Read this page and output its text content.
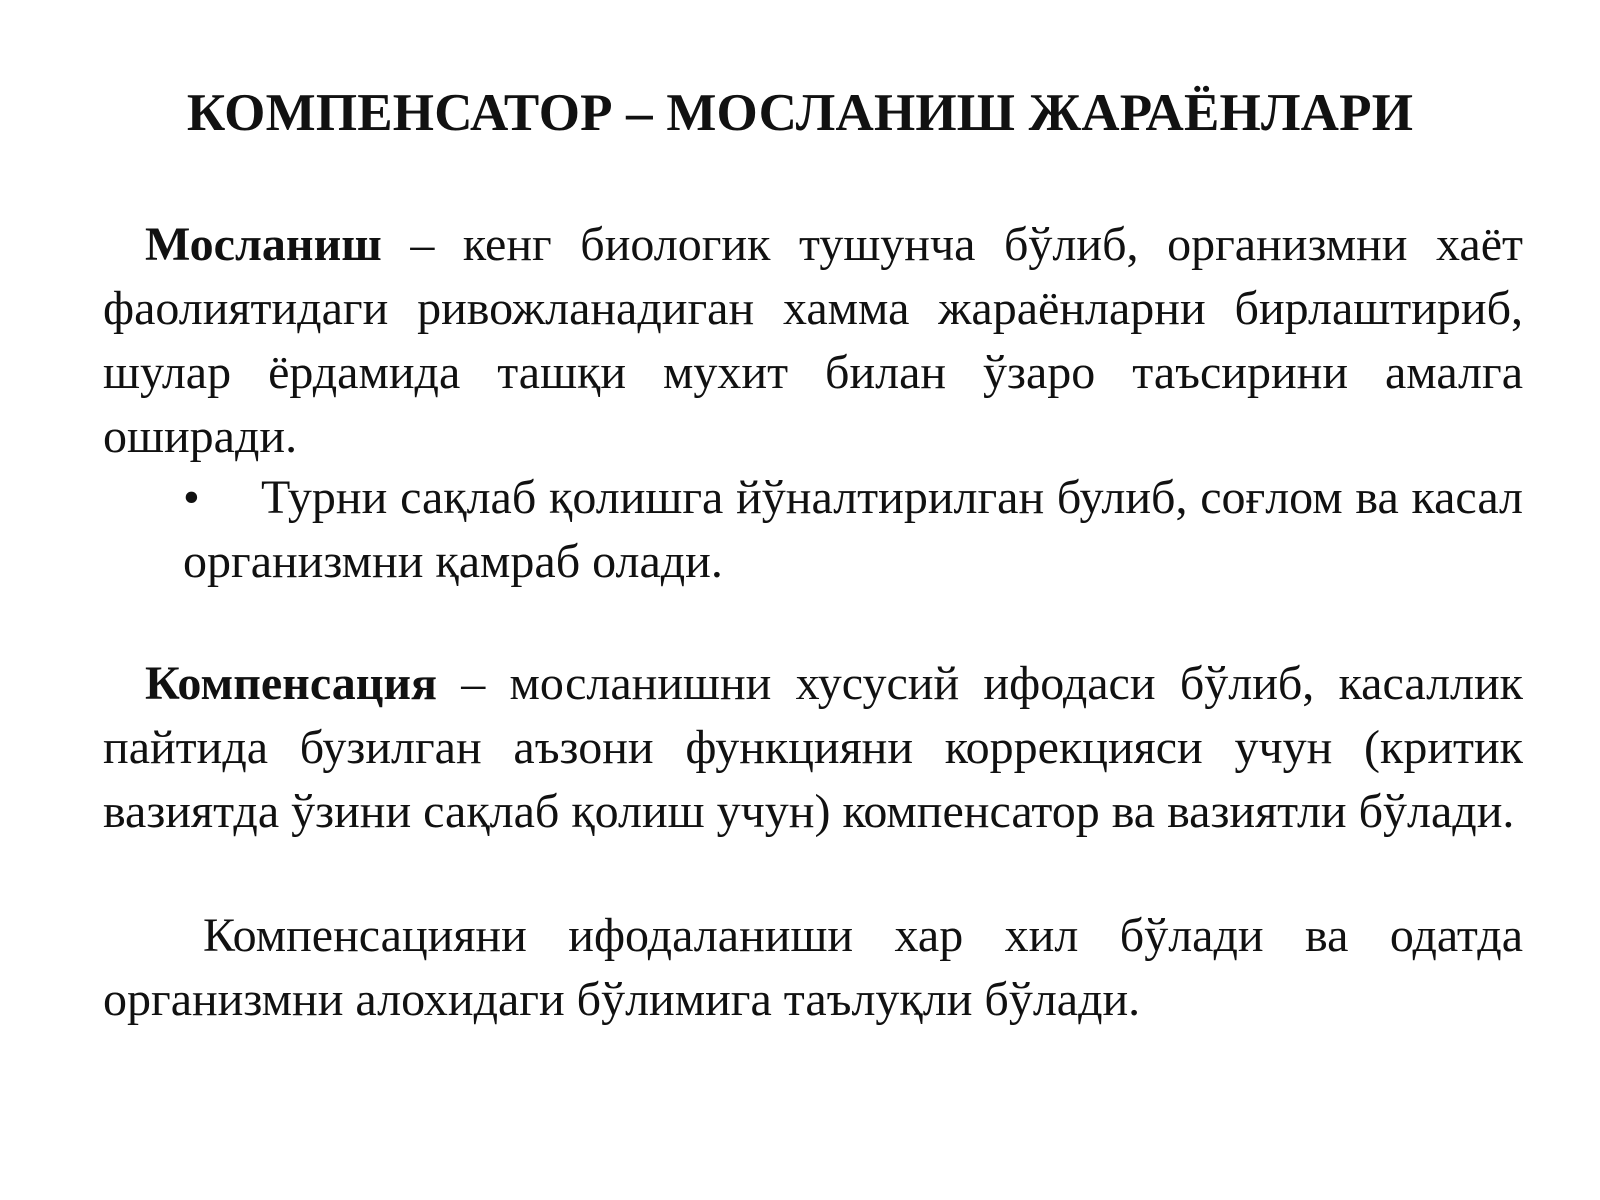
КОМПЕНСАТОР – МОСЛАНИШ ЖАРАЁНЛАРИ

Мосланиш – кенг биологик тушунча бўлиб, организмни хаёт фаолиятидаги ривожланадиган хамма жараёнларни бирлаштириб, шулар ёрдамида ташқи мухит билан ўзаро таъсирини амалга оширади.

• Турни сақлаб қолишга йўналтирилган булиб, соғлом ва касал организмни қамраб олади.

Компенсация – мосланишни хусусий ифодаси бўлиб, касаллик пайтида бузилган аъзони функцияни коррекцияси учун (критик вазиятда ўзини сақлаб қолиш учун) компенсатор ва вазиятли бўлади.

Компенсацияни ифодаланиши хар хил бўлади ва одатда организмни алохидаги бўлимига таълуқли бўлади.
